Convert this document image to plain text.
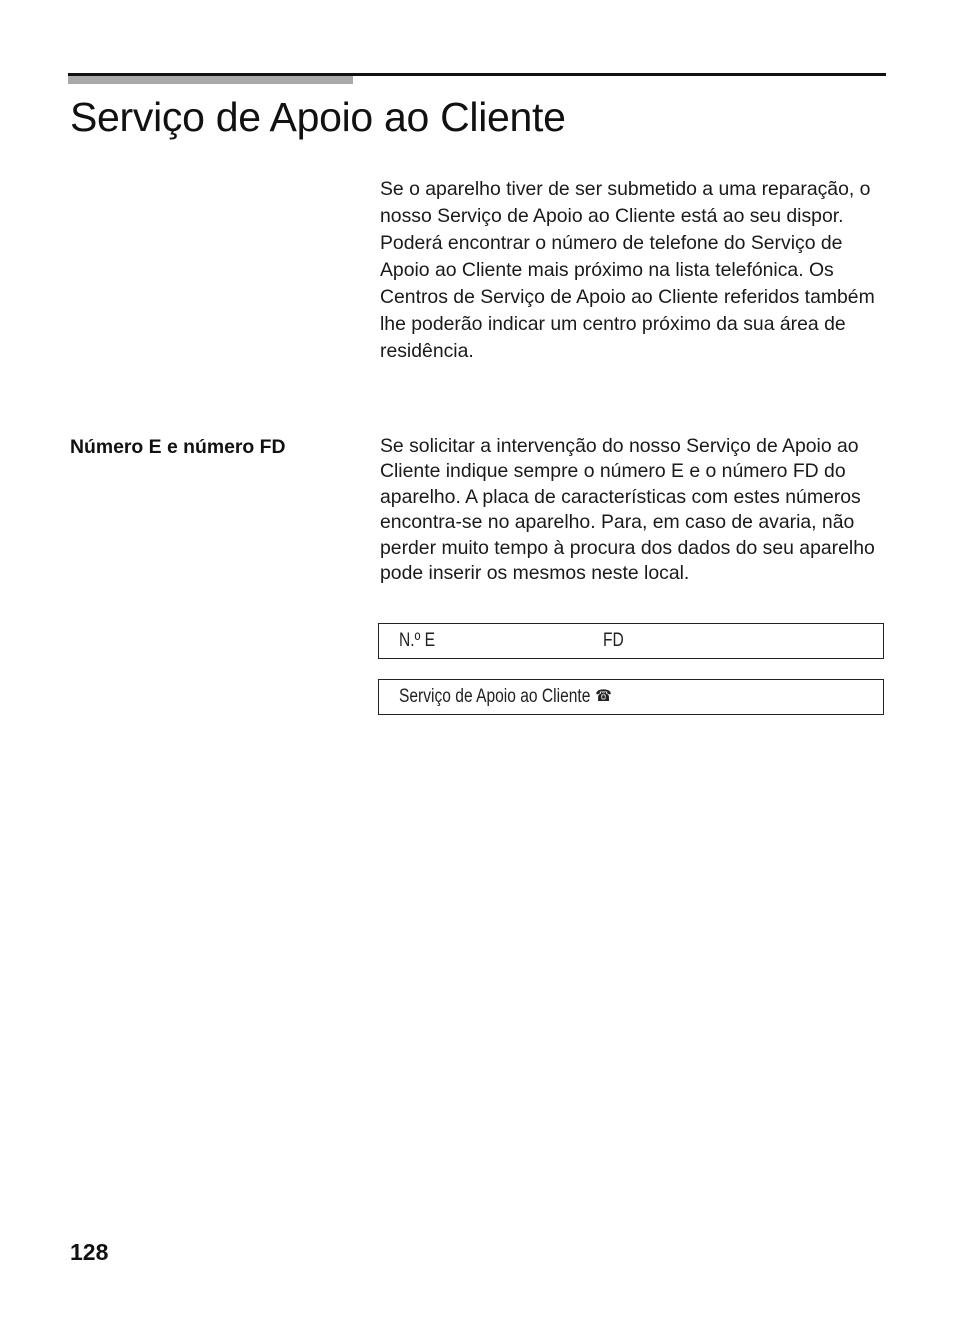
Serviço de Apoio ao Cliente

Se o aparelho tiver de ser submetido a uma reparação, o nosso Serviço de Apoio ao Cliente está ao seu dispor. Poderá encontrar o número de telefone do Serviço de Apoio ao Cliente mais próximo na lista telefónica. Os Centros de Serviço de Apoio ao Cliente referidos também lhe poderão indicar um centro próximo da sua área de residência.

Número E e número FD	Se solicitar a intervenção do nosso Serviço de Apoio ao Cliente indique sempre o número E e o número FD do aparelho. A placa de características com estes números encontra-se no aparelho. Para, em caso de avaria, não perder muito tempo à procura dos dados do seu aparelho pode inserir os mesmos neste local.

N.º E	FD
Serviço de Apoio ao Cliente ☎

128
